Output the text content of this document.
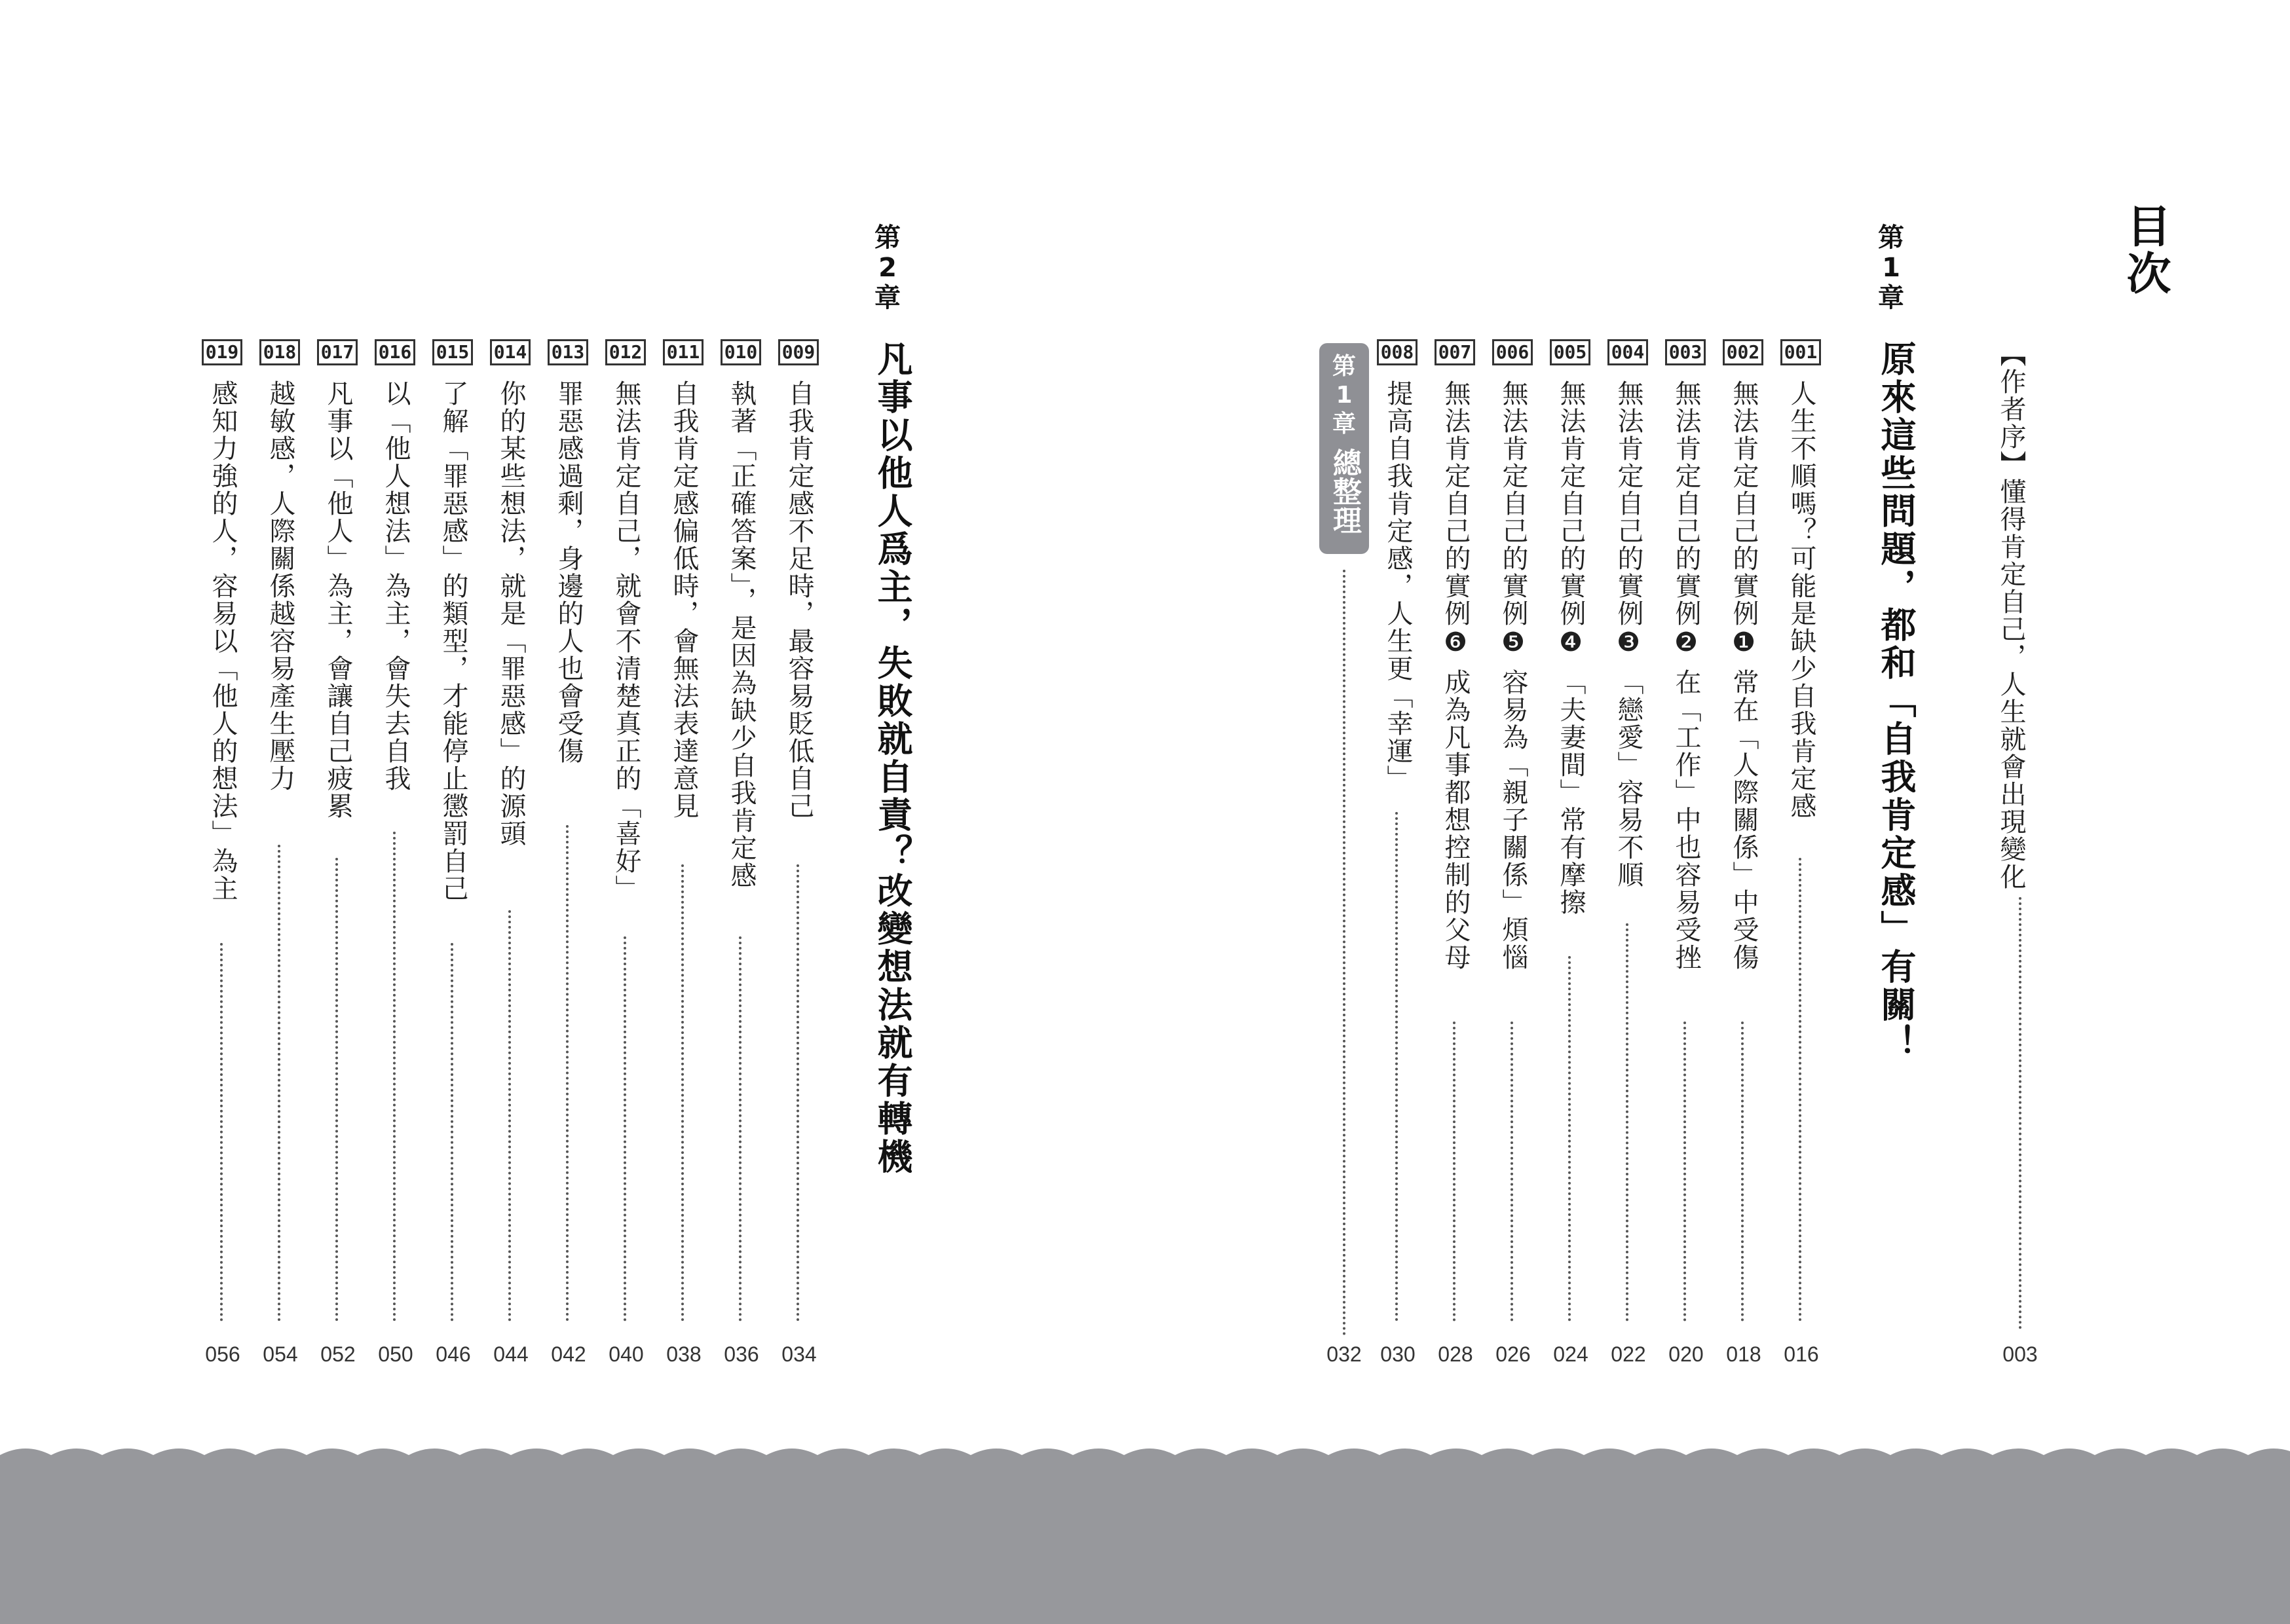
目次
【作者序】懂得肯定自己，人生就會出現變化
003
第
1
章
原來這些問題，都和「自我肯定感」有關！
001
人生不順嗎？可能是缺少自我肯定感
016
002
無法肯定自己的實例❶ 常在「人際關係」中受傷
018
003
無法肯定自己的實例❷ 在「工作」中也容易受挫
020
004
無法肯定自己的實例❸ 「戀愛」容易不順
022
005
無法肯定自己的實例❹ 「夫妻間」常有摩擦
024
006
無法肯定自己的實例❺ 容易為「親子關係」煩惱
026
007
無法肯定自己的實例❻ 成為凡事都想控制的父母
028
008
提高自我肯定感，人生更「幸運」
030
第
1
章
總整理
032
第
2
章
凡事以他人爲主，失敗就自責？改變想法就有轉機
009
自我肯定感不足時，最容易貶低自己
034
010
執著「正確答案」，是因為缺少自我肯定感
036
011
自我肯定感偏低時，會無法表達意見
038
012
無法肯定自己，就會不清楚真正的「喜好」
040
013
罪惡感過剩，身邊的人也會受傷
042
014
你的某些想法，就是「罪惡感」的源頭
044
015
了解「罪惡感」的類型，才能停止懲罰自己
046
016
以「他人想法」為主，會失去自我
050
017
凡事以「他人」為主，會讓自己疲累
052
018
越敏感，人際關係越容易產生壓力
054
019
感知力強的人，容易以「他人的想法」為主
056
